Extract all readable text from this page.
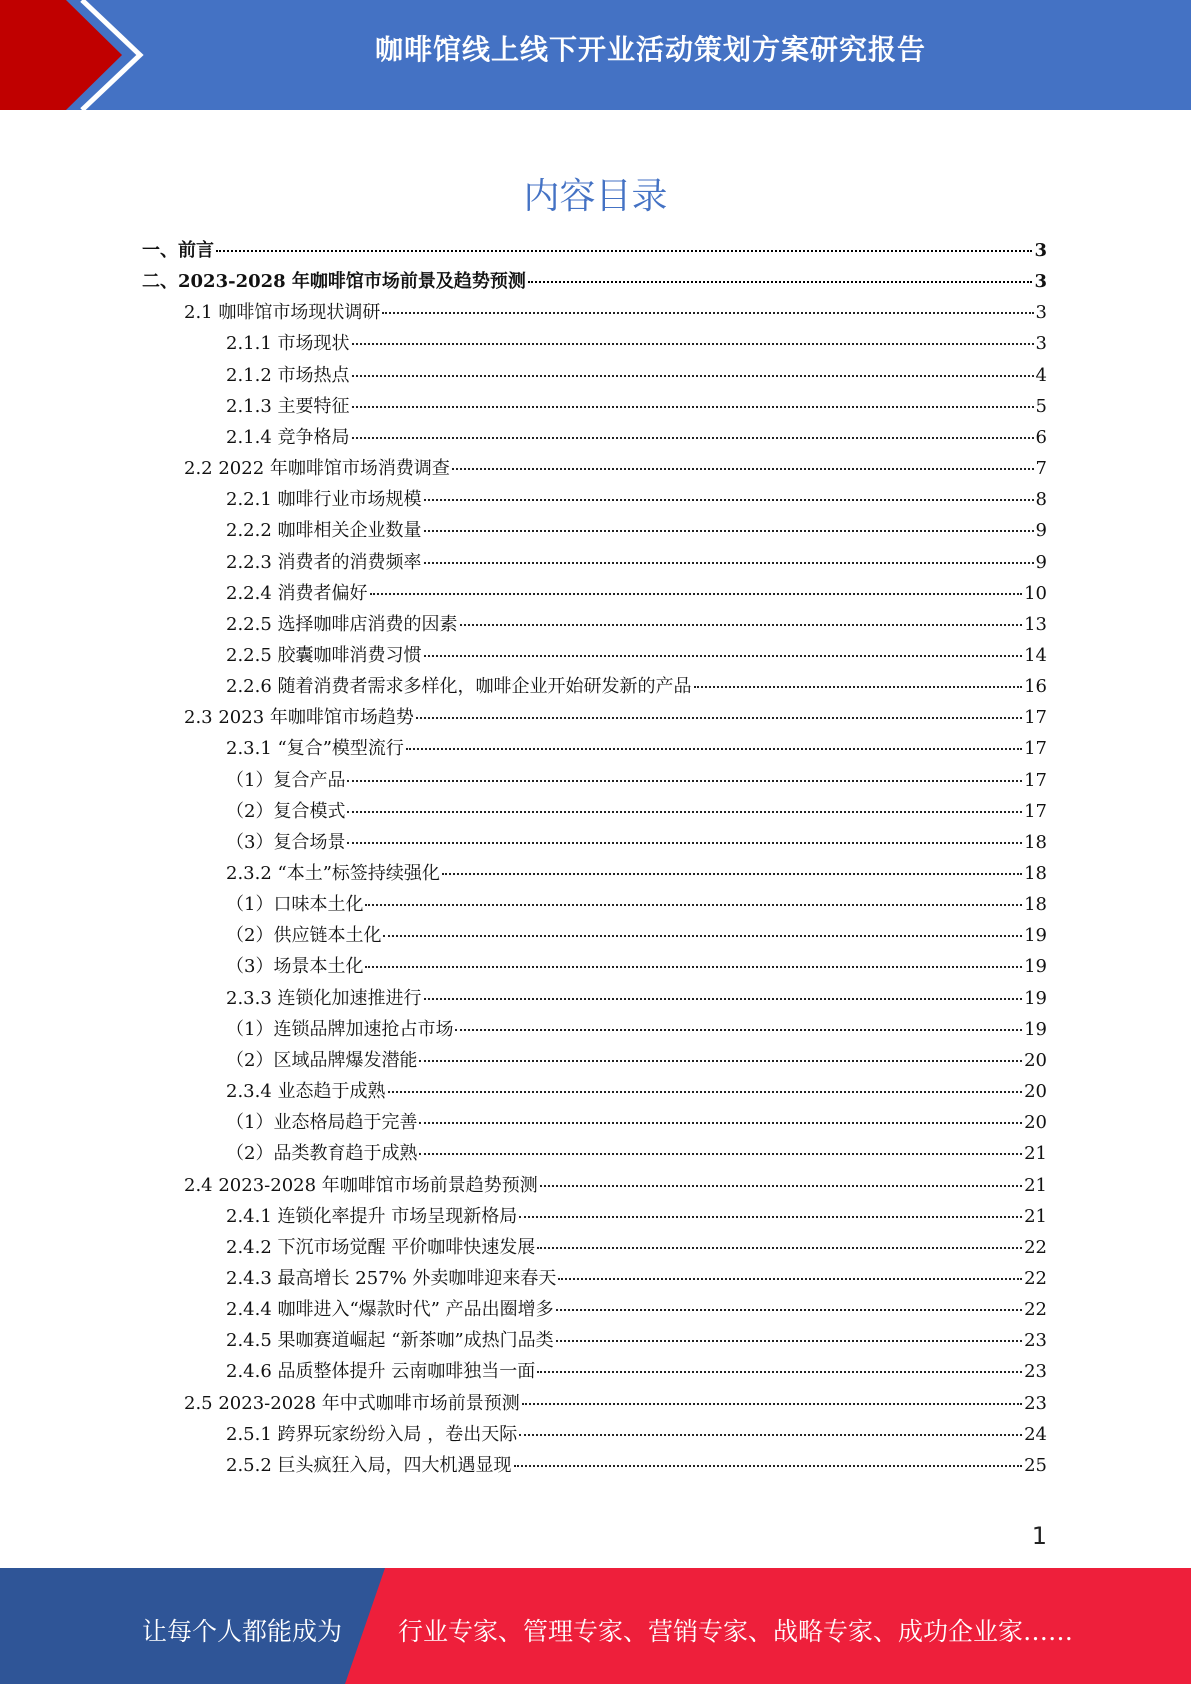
咖啡馆线上线下开业活动策划方案研究报告
内容目录
一、前言	3
二、2023-2028 年咖啡馆市场前景及趋势预测	3
2.1 咖啡馆市场现状调研	3
2.1.1 市场现状	3
2.1.2 市场热点	4
2.1.3 主要特征	5
2.1.4 竞争格局	6
2.2 2022 年咖啡馆市场消费调查	7
2.2.1 咖啡行业市场规模	8
2.2.2 咖啡相关企业数量	9
2.2.3 消费者的消费频率	9
2.2.4 消费者偏好	10
2.2.5 选择咖啡店消费的因素	13
2.2.5 胶囊咖啡消费习惯	14
2.2.6 随着消费者需求多样化，咖啡企业开始研发新的产品	16
2.3 2023 年咖啡馆市场趋势	17
2.3.1 “复合”模型流行	17
（1）复合产品	17
（2）复合模式	17
（3）复合场景	18
2.3.2 “本土”标签持续强化	18
（1）口味本土化	18
（2）供应链本土化	19
（3）场景本土化	19
2.3.3 连锁化加速推进行	19
（1）连锁品牌加速抢占市场	19
（2）区域品牌爆发潜能	20
2.3.4 业态趋于成熟	20
（1）业态格局趋于完善	20
（2）品类教育趋于成熟	21
2.4 2023-2028 年咖啡馆市场前景趋势预测	21
2.4.1 连锁化率提升 市场呈现新格局	21
2.4.2 下沉市场觉醒 平价咖啡快速发展	22
2.4.3 最高增长 257% 外卖咖啡迎来春天	22
2.4.4 咖啡进入“爆款时代” 产品出圈增多	22
2.4.5 果咖赛道崛起 “新茶咖”成热门品类	23
2.4.6 品质整体提升 云南咖啡独当一面	23
2.5 2023-2028 年中式咖啡市场前景预测	23
2.5.1 跨界玩家纷纷入局 ，卷出天际	24
2.5.2 巨头疯狂入局，四大机遇显现	25
1
让每个人都能成为 行业专家、管理专家、营销专家、战略专家、成功企业家……
